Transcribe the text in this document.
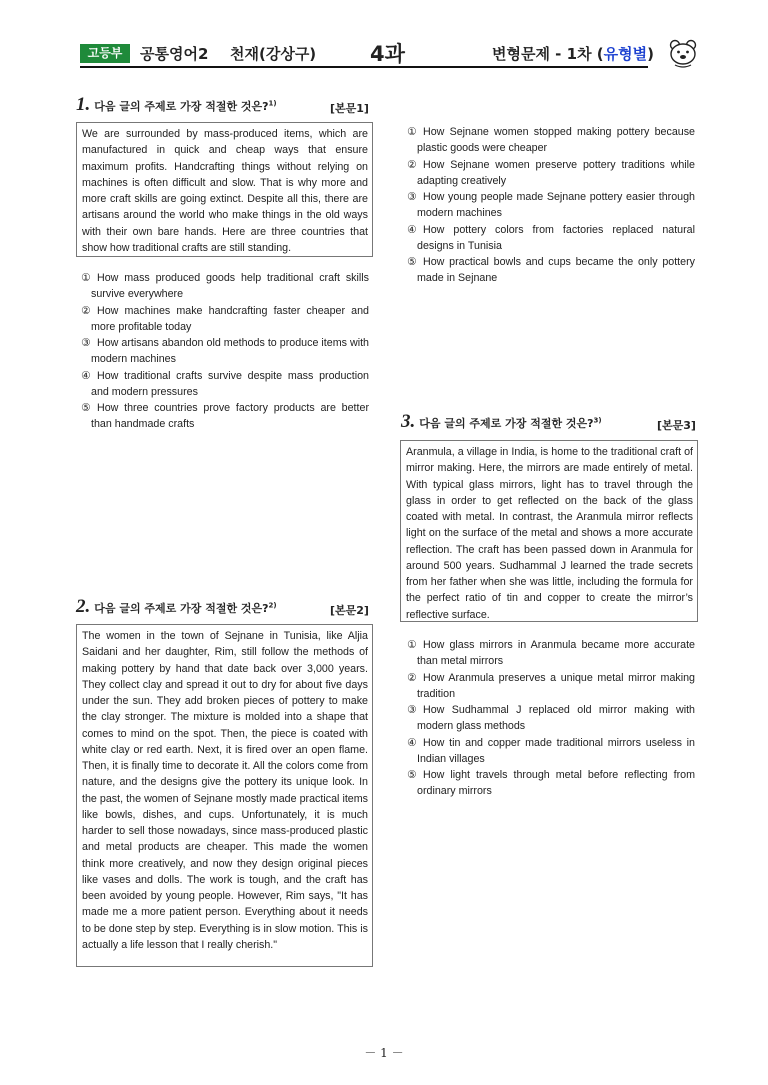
고등부	공통영어2 천재(강상구)	4과	변형문제 - 1차 (유형별)
1. 다음 글의 주제로 가장 적절한 것은?$^{1)}$	[본문1]
We are surrounded by mass-produced items, which are manufactured in quick and cheap ways that ensure maximum profits. Handcrafting things without relying on machines is often difficult and slow. That is why more and more craft skills are going extinct. Despite all this, there are artisans around the world who make things in the old ways with their own bare hands. Here are three countries that show how traditional crafts are still standing.

① How mass produced goods help traditional craft skills survive everywhere

② How machines make handcrafting faster cheaper and more profitable today

③ How artisans abandon old methods to produce items with modern machines

④ How traditional crafts survive despite mass production and modern pressures

⑤ How three countries prove factory products are better than handmade crafts

2. 다음 글의 주제로 가장 적절한 것은?$^{2)}$	[본문2]
The women in the town of Sejnane in Tunisia, like Aljia Saidani and her daughter, Rim, still follow the methods of making pottery by hand that date back over 3,000 years. They collect clay and spread it out to dry for about five days under the sun. They add broken pieces of pottery to make the clay stronger. The mixture is molded into a shape that comes to mind on the spot. Then, the piece is coated with white clay or red earth. Next, it is fired over an open flame. Then, it is finally time to decorate it. All the colors come from nature, and the designs give the pottery its unique look. In the past, the women of Sejnane mostly made practical items like bowls, dishes, and cups. Unfortunately, it is much harder to sell those nowadays, since mass-produced plastic and metal products are cheaper. This made the women think more creatively, and now they design original pieces like vases and dolls. The work is tough, and the craft has been avoided by young people. However, Rim says, "It has made me a more patient person. Everything about it needs to be done step by step. Everything is in slow motion. This is actually a life lesson that I really cherish."

① How Sejnane women stopped making pottery because plastic goods were cheaper

② How Sejnane women preserve pottery traditions while adapting creatively

③ How young people made Sejnane pottery easier through modern machines

④ How pottery colors from factories replaced natural designs in Tunisia

⑤ How practical bowls and cups became the only pottery made in Sejnane

3. 다음 글의 주제로 가장 적절한 것은?$^{3)}$	[본문3]
Aranmula, a village in India, is home to the traditional craft of mirror making. Here, the mirrors are made entirely of metal. With typical glass mirrors, light has to travel through the glass in order to get reflected on the back of the glass coated with metal. In contrast, the Aranmula mirror reflects light on the surface of the metal and shows a more accurate reflection. The craft has been passed down in Aranmula for around 500 years. Sudhammal J learned the trade secrets from her father when she was little, including the formula for the perfect ratio of tin and copper to create the mirror’s reflective surface.

① How glass mirrors in Aranmula became more accurate than metal mirrors

② How Aranmula preserves a unique metal mirror making tradition

③ How Sudhammal J replaced old mirror making with modern glass methods

④ How tin and copper made traditional mirrors useless in Indian villages

⑤ How light travels through metal before reflecting from ordinary mirrors

－ 1 －
